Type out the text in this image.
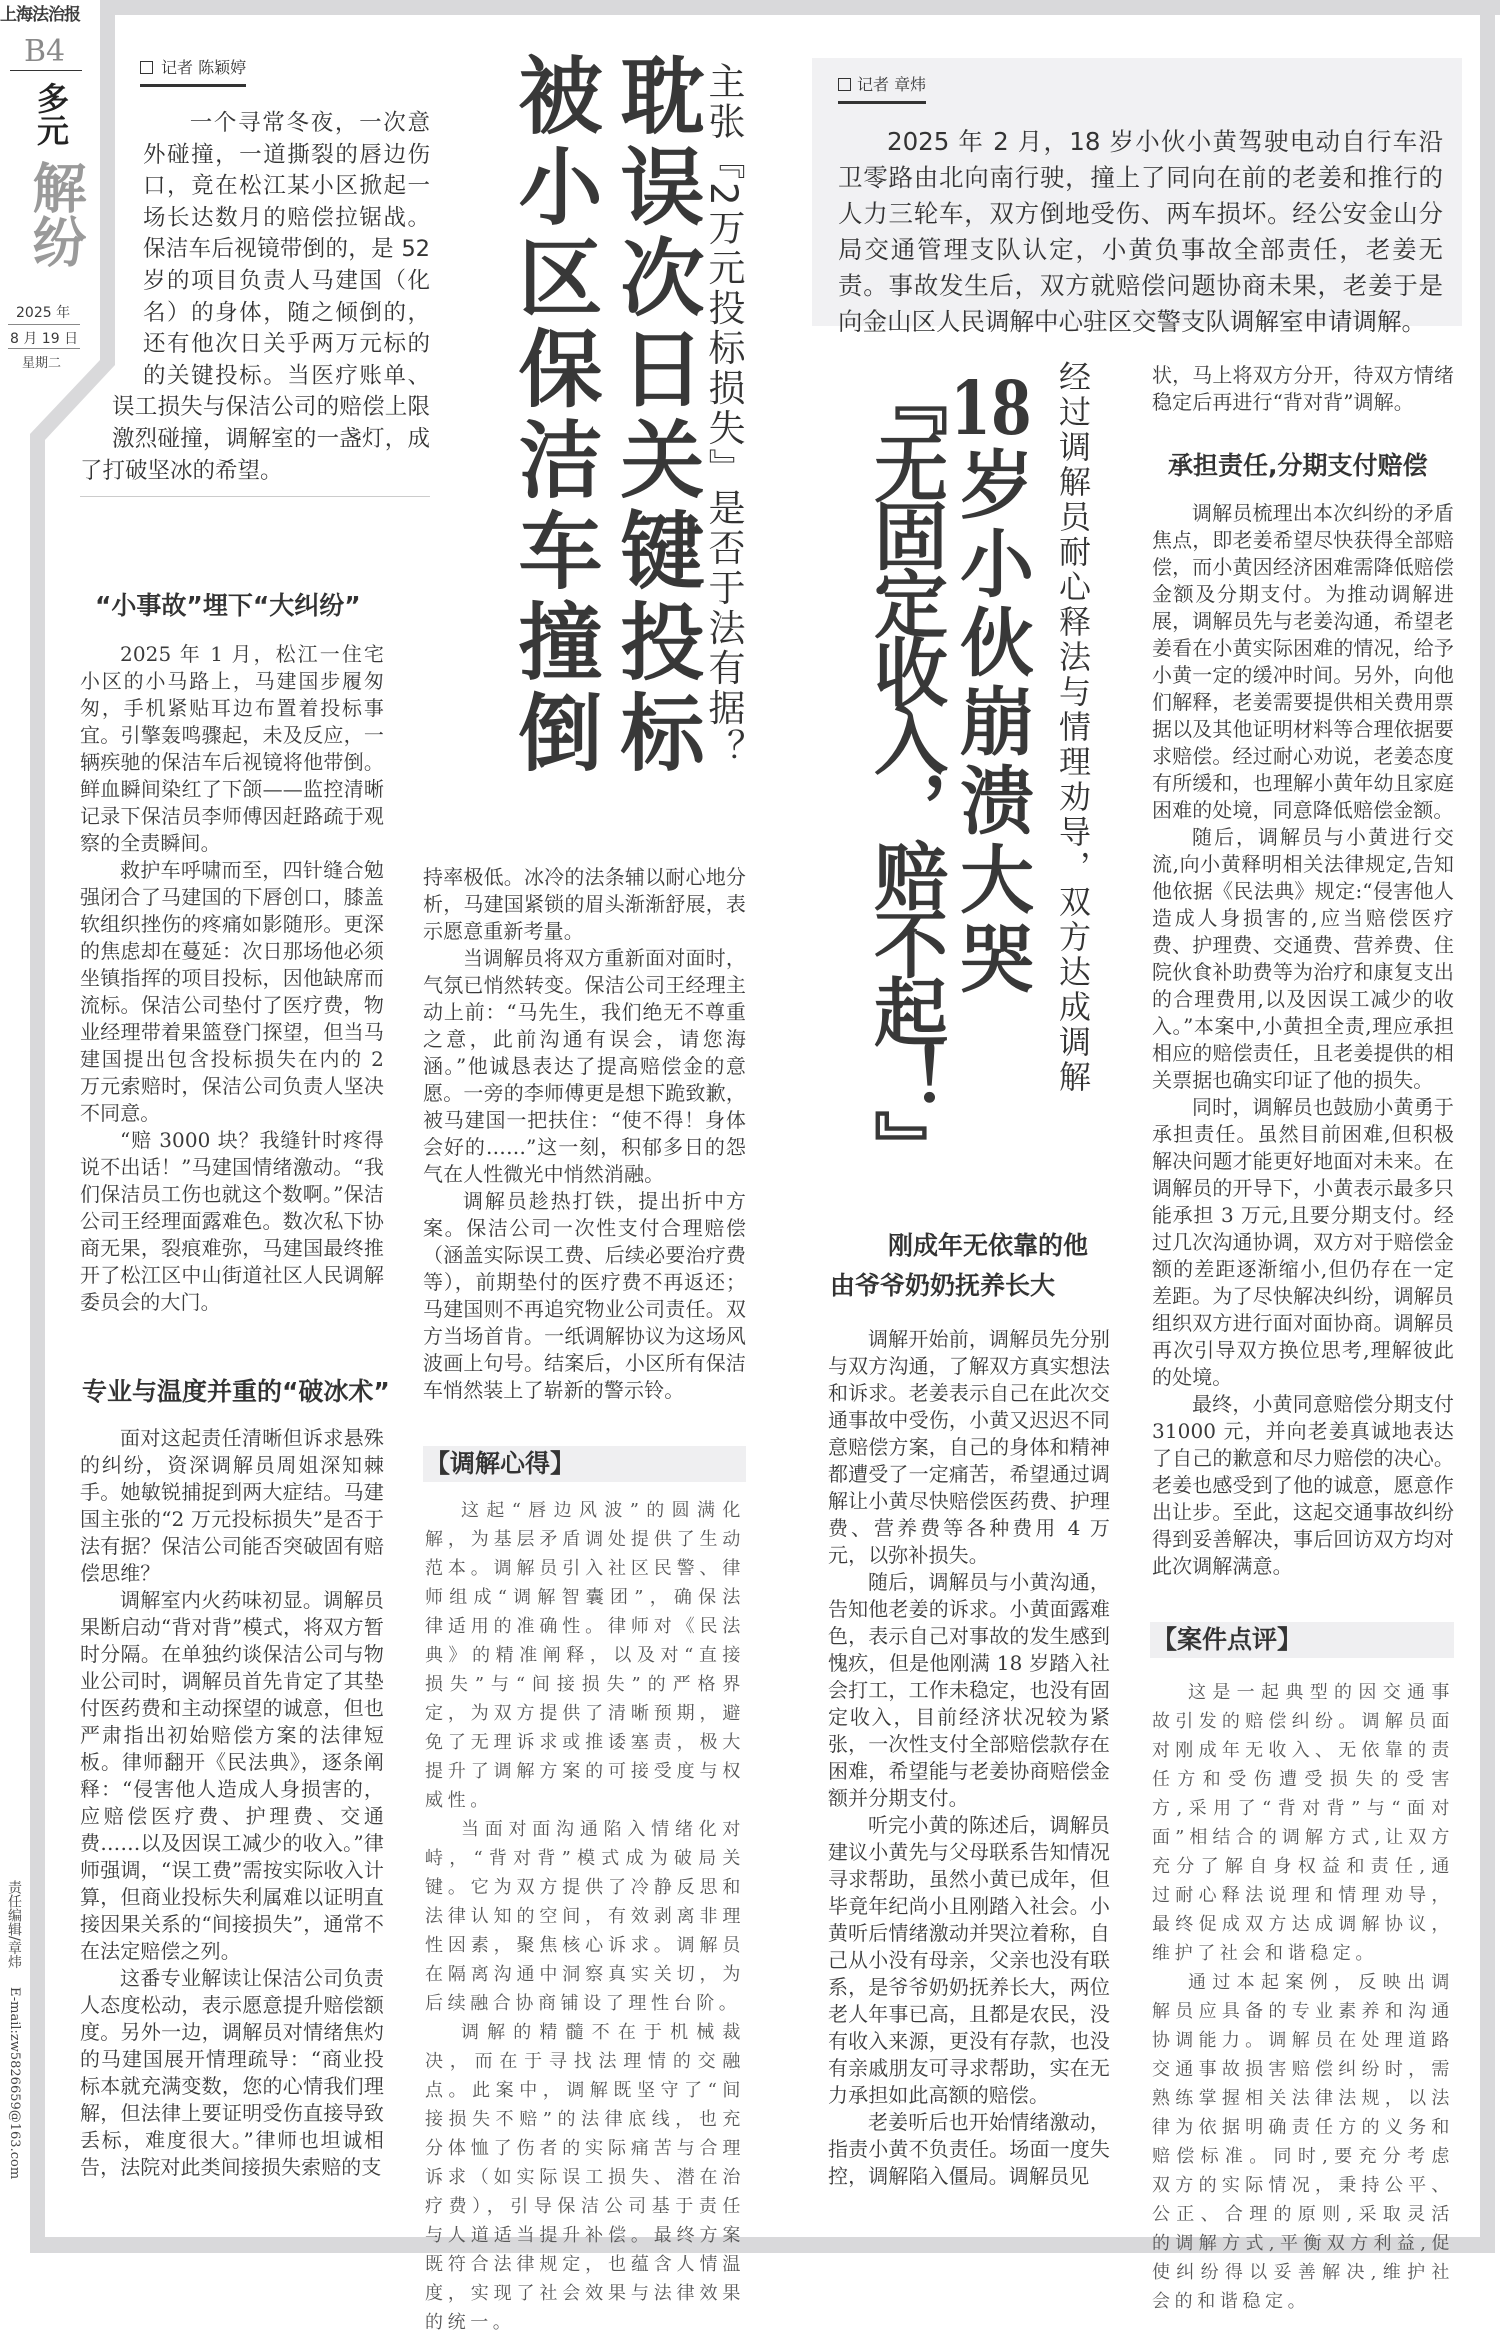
上海法治报
B4
多元
解纷
2025 年
8 月 19 日
星期二
责任编辑/章炜 E-mail:zw5826659@163.com
记者 陈颖婷
一个寻常冬夜，一次意外碰撞，一道撕裂的唇边伤口，竟在松江某小区掀起一场长达数月的赔偿拉锯战。保洁车后视镜带倒的，是 52 岁的项目负责人马建国（化名）的身体，随之倾倒的，还有他次日关乎两万元标的的关键投标。当医疗账单、误工损失与保洁公司的赔偿上限激烈碰撞，调解室的一盏灯，成了打破坚冰的希望。	主张『2万元投标损失』是否于法有据？
耽误次日关键投标
被小区保洁车撞倒
“小事故”埋下“大纠纷”

2025 年 1 月，松江一住宅小区的小马路上，马建国步履匆匆，手机紧贴耳边布置着投标事宜。引擎轰鸣骤起，未及反应，一辆疾驰的保洁车后视镜将他带倒。鲜血瞬间染红了下颌——监控清晰记录下保洁员李师傅因赶路疏于观察的全责瞬间。

救护车呼啸而至，四针缝合勉强闭合了马建国的下唇创口，膝盖软组织挫伤的疼痛如影随形。更深的焦虑却在蔓延：次日那场他必须坐镇指挥的项目投标，因他缺席而流标。保洁公司垫付了医疗费，物业经理带着果篮登门探望，但当马建国提出包含投标损失在内的 2 万元索赔时，保洁公司负责人坚决不同意。

“赔 3000 块？我缝针时疼得说不出话！”马建国情绪激动。“我们保洁员工伤也就这个数啊。”保洁公司王经理面露难色。数次私下协商无果，裂痕难弥，马建国最终推开了松江区中山街道社区人民调解委员会的大门。

专业与温度并重的“破冰术”

面对这起责任清晰但诉求悬殊的纠纷，资深调解员周姐深知棘手。她敏锐捕捉到两大症结。马建国主张的“2 万元投标损失”是否于法有据？保洁公司能否突破固有赔偿思维？

调解室内火药味初显。调解员果断启动“背对背”模式，将双方暂时分隔。在单独约谈保洁公司与物业公司时，调解员首先肯定了其垫付医药费和主动探望的诚意，但也严肃指出初始赔偿方案的法律短板。律师翻开《民法典》，逐条阐释：“侵害他人造成人身损害的，应赔偿医疗费、护理费、交通费……以及因误工减少的收入。”律师强调，“误工费”需按实际收入计算，但商业投标失利属难以证明直接因果关系的“间接损失”，通常不在法定赔偿之列。

这番专业解读让保洁公司负责人态度松动，表示愿意提升赔偿额度。另外一边，调解员对情绪焦灼的马建国展开情理疏导：“商业投标本就充满变数，您的心情我们理解，但法律上要证明受伤直接导致丢标，难度很大。”律师也坦诚相告，法院对此类间接损失索赔的支

持率极低。冰冷的法条辅以耐心地分析，马建国紧锁的眉头渐渐舒展，表示愿意重新考量。

当调解员将双方重新面对面时，气氛已悄然转变。保洁公司王经理主动上前：“马先生，我们绝无不尊重之意，此前沟通有误会，请您海涵。”他诚恳表达了提高赔偿金的意愿。一旁的李师傅更是想下跪致歉，被马建国一把扶住：“使不得！身体会好的……”这一刻，积郁多日的怨气在人性微光中悄然消融。

调解员趁热打铁，提出折中方案。保洁公司一次性支付合理赔偿（涵盖实际误工费、后续必要治疗费等），前期垫付的医疗费不再返还；马建国则不再追究物业公司责任。双方当场首肯。一纸调解协议为这场风波画上句号。结案后，小区所有保洁车悄然装上了崭新的警示铃。

【调解心得】

这起“唇边风波”的圆满化解，为基层矛盾调处提供了生动范本。调解员引入社区民警、律师组成“调解智囊团”，确保法律适用的准确性。律师对《民法典》的精准阐释，以及对“直接损失”与“间接损失”的严格界定，为双方提供了清晰预期，避免了无理诉求或推诿塞责，极大提升了调解方案的可接受度与权威性。

当面对面沟通陷入情绪化对峙，“背对背”模式成为破局关键。它为双方提供了冷静反思和法律认知的空间，有效剥离非理性因素，聚焦核心诉求。调解员在隔离沟通中洞察真实关切，为后续融合协商铺设了理性台阶。

调解的精髓不在于机械裁决，而在于寻找法理情的交融点。此案中，调解既坚守了“间接损失不赔”的法律底线，也充分体恤了伤者的实际痛苦与合理诉求（如实际误工损失、潜在治疗费），引导保洁公司基于责任与人道适当提升补偿。最终方案既符合法律规定，也蕴含人情温度，实现了社会效果与法律效果的统一。

记者 章炜
2025 年 2 月，18 岁小伙小黄驾驶电动自行车沿卫零路由北向南行驶，撞上了同向在前的老姜和推行的人力三轮车，双方倒地受伤、两车损坏。经公安金山分局交通管理支队认定，小黄负事故全部责任，老姜无责。事故发生后，双方就赔偿问题协商未果，老姜于是向金山区人民调解中心驻区交警支队调解室申请调解。
经过调解员耐心释法与情理劝导，双方达成调解
18岁小伙崩溃大哭
『无固定收入，赔不起！』
刚成年无依靠的他
由爷爷奶奶抚养长大

调解开始前，调解员先分别与双方沟通，了解双方真实想法和诉求。老姜表示自己在此次交通事故中受伤，小黄又迟迟不同意赔偿方案，自己的身体和精神都遭受了一定痛苦，希望通过调解让小黄尽快赔偿医药费、护理费、营养费等各种费用 4 万元，以弥补损失。

随后，调解员与小黄沟通，告知他老姜的诉求。小黄面露难色，表示自己对事故的发生感到愧疚，但是他刚满 18 岁踏入社会打工，工作未稳定，也没有固定收入，目前经济状况较为紧张，一次性支付全部赔偿款存在困难，希望能与老姜协商赔偿金额并分期支付。

听完小黄的陈述后，调解员建议小黄先与父母联系告知情况寻求帮助，虽然小黄已成年，但毕竟年纪尚小且刚踏入社会。小黄听后情绪激动并哭泣着称，自己从小没有母亲，父亲也没有联系，是爷爷奶奶抚养长大，两位老人年事已高，且都是农民，没有收入来源，更没有存款，也没有亲戚朋友可寻求帮助，实在无力承担如此高额的赔偿。

老姜听后也开始情绪激动，指责小黄不负责任。场面一度失控，调解陷入僵局。调解员见

状，马上将双方分开，待双方情绪稳定后再进行“背对背”调解。

承担责任,分期支付赔偿

调解员梳理出本次纠纷的矛盾焦点，即老姜希望尽快获得全部赔偿，而小黄因经济困难需降低赔偿金额及分期支付。为推动调解进展，调解员先与老姜沟通，希望老姜看在小黄实际困难的情况，给予小黄一定的缓冲时间。另外，向他们解释，老姜需要提供相关费用票据以及其他证明材料等合理依据要求赔偿。经过耐心劝说，老姜态度有所缓和，也理解小黄年幼且家庭困难的处境，同意降低赔偿金额。

随后，调解员与小黄进行交流,向小黄释明相关法律规定,告知他依据《民法典》规定:“侵害他人造成人身损害的,应当赔偿医疗费、护理费、交通费、营养费、住院伙食补助费等为治疗和康复支出的合理费用,以及因误工减少的收入。”本案中,小黄担全责,理应承担相应的赔偿责任，且老姜提供的相关票据也确实印证了他的损失。

同时，调解员也鼓励小黄勇于承担责任。虽然目前困难,但积极解决问题才能更好地面对未来。在调解员的开导下，小黄表示最多只能承担 3 万元,且要分期支付。经过几次沟通协调，双方对于赔偿金额的差距逐渐缩小,但仍存在一定差距。为了尽快解决纠纷，调解员组织双方进行面对面协商。调解员再次引导双方换位思考,理解彼此的处境。

最终，小黄同意赔偿分期支付 31000 元，并向老姜真诚地表达了自己的歉意和尽力赔偿的决心。老姜也感受到了他的诚意，愿意作出让步。至此，这起交通事故纠纷得到妥善解决，事后回访双方均对此次调解满意。

【案件点评】

这是一起典型的因交通事故引发的赔偿纠纷。调解员面对刚成年无收入、无依靠的责任方和受伤遭受损失的受害方,采用了“背对背”与“面对面”相结合的调解方式,让双方充分了解自身权益和责任,通过耐心释法说理和情理劝导，最终促成双方达成调解协议，维护了社会和谐稳定。

通过本起案例，反映出调解员应具备的专业素养和沟通协调能力。调解员在处理道路交通事故损害赔偿纠纷时，需熟练掌握相关法律法规，以法律为依据明确责任方的义务和赔偿标准。同时,要充分考虑双方的实际情况，秉持公平、公正、合理的原则,采取灵活的调解方式,平衡双方利益,促使纠纷得以妥善解决,维护社会的和谐稳定。
